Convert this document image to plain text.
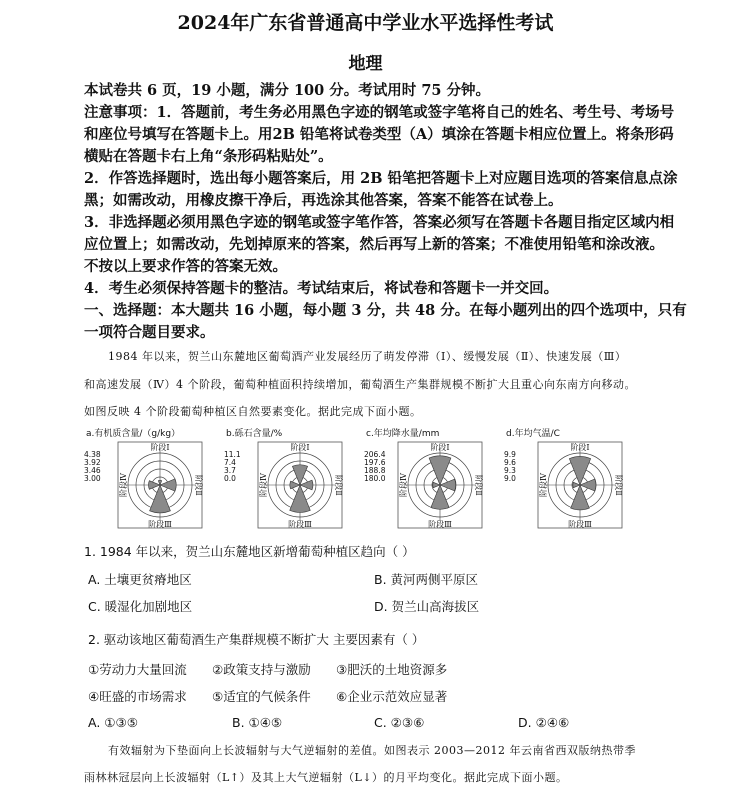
2024年广东省普通高中学业水平选择性考试
地理
本试卷共 6 页，19 小题，满分 100 分。考试用时 75 分钟。
注意事项：1．答题前，考生务必用黑色字迹的钢笔或签字笔将自己的姓名、考生号、考场号
和座位号填写在答题卡上。用2B 铅笔将试卷类型（A）填涂在答题卡相应位置上。将条形码
横贴在答题卡右上角“条形码粘贴处”。
2．作答选择题时，选出每小题答案后，用 2B 铅笔把答题卡上对应题目选项的答案信息点涂
黑；如需改动，用橡皮擦干净后，再选涂其他答案，答案不能答在试卷上。
3．非选择题必须用黑色字迹的钢笔或签字笔作答，答案必须写在答题卡各题目指定区域内相
应位置上；如需改动，先划掉原来的答案，然后再写上新的答案；不准使用铅笔和涂改液。
不按以上要求作答的答案无效。
4．考生必须保持答题卡的整洁。考试结束后，将试卷和答题卡一并交回。
一、选择题：本大题共 16 小题，每小题 3 分，共 48 分。在每小题列出的四个选项中，只有
一项符合题目要求。
1984 年以来，贺兰山东麓地区葡萄酒产业发展经历了萌发停滞（Ⅰ）、缓慢发展（Ⅱ）、快速发展（Ⅲ）
和高速发展（Ⅳ）4 个阶段，葡萄种植面积持续增加，葡萄酒生产集群规模不断扩大且重心向东南方向移动。
如图反映 4 个阶段葡萄种植区自然要素变化。据此完成下面小题。
a.有机质含量/（g/kg）
4.38
3.92
3.46
3.00
阶段Ⅰ
阶段Ⅲ
阶段Ⅳ	阶段Ⅱ
b.砾石含量/%
11.1
7.4
3.7
0.0
阶段Ⅰ
阶段Ⅲ
阶段Ⅳ	阶段Ⅱ
c.年均降水量/mm
206.4
197.6
188.8
180.0
阶段Ⅰ
阶段Ⅲ
阶段Ⅳ	阶段Ⅱ
d.年均气温/C
9.9
9.6
9.3
9.0
阶段Ⅰ
阶段Ⅲ
阶段Ⅳ	阶段Ⅱ
1. 1984 年以来，贺兰山东麓地区新增葡萄种植区趋向（ ）
A. 土壤更贫瘠地区	B. 黄河两侧平原区
C. 暖湿化加剧地区	D. 贺兰山高海拔区
2. 驱动该地区葡萄酒生产集群规模不断扩大 主要因素有（ ）
①劳动力大量回流 ②政策支持与激励 ③肥沃的土地资源多
④旺盛的市场需求 ⑤适宜的气候条件 ⑥企业示范效应显著
A. ①③⑤	B. ①④⑤	C. ②③⑥	D. ②④⑥
有效辐射为下垫面向上长波辐射与大气逆辐射的差值。如图表示 2003—2012 年云南省西双版纳热带季
雨林林冠层向上长波辐射（L↑）及其上大气逆辐射（L↓）的月平均变化。据此完成下面小题。
